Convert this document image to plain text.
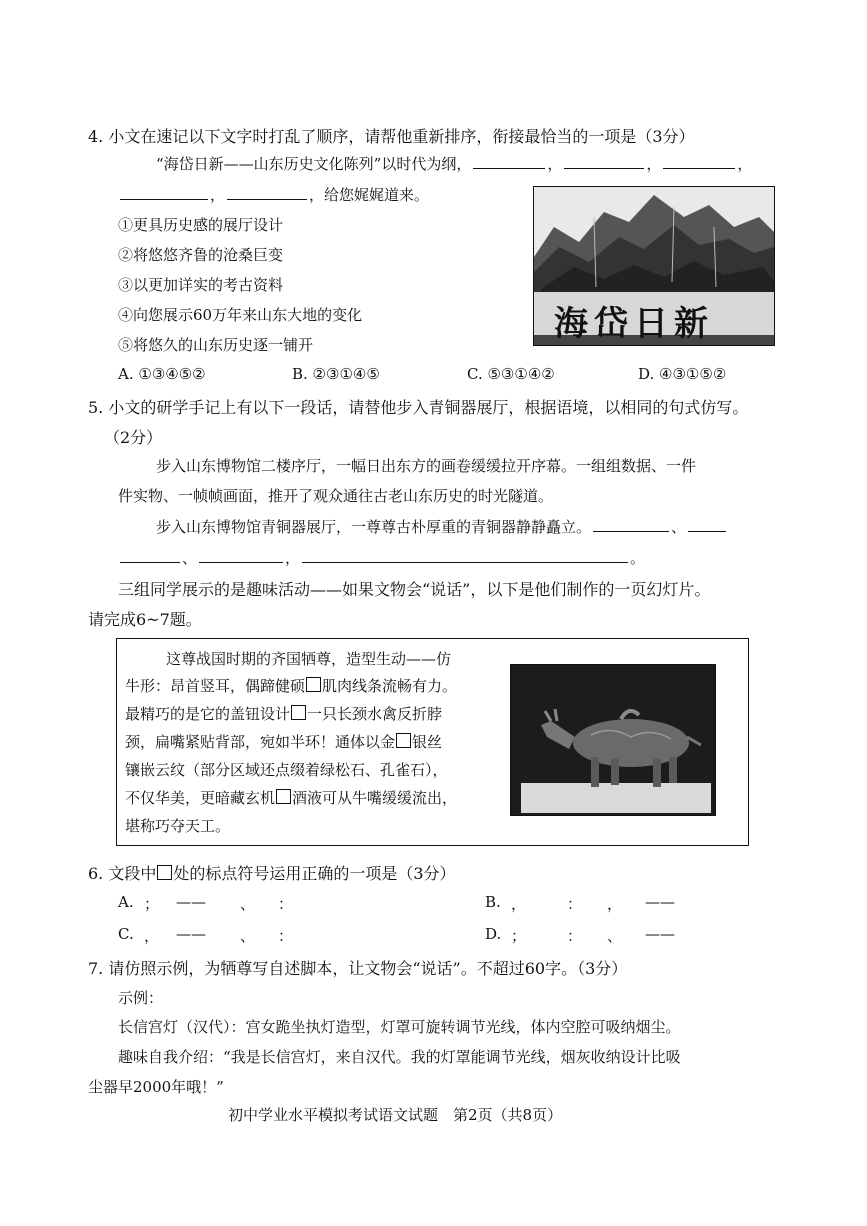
4. 小文在速记以下文字时打乱了顺序，请帮他重新排序，衔接最恰当的一项是（3分）
“海岱日新——山东历史文化陈列”以时代为纲，	，	，	，
，	，给您娓娓道来。
①更具历史感的展厅设计
②将悠悠齐鲁的沧桑巨变
③以更加详实的考古资料
④向您展示60万年来山东大地的变化
⑤将悠久的山东历史逐一铺开
海岱日新
A. ①③④⑤②	B. ②③①④⑤	C. ⑤③①④②	D. ④③①⑤②
5. 小文的研学手记上有以下一段话，请替他步入青铜器展厅，根据语境，以相同的句式仿写。
（2分）
步入山东博物馆二楼序厅，一幅日出东方的画卷缓缓拉开序幕。一组组数据、一件
件实物、一帧帧画面，推开了观众通往古老山东历史的时光隧道。
步入山东博物馆青铜器展厅，一尊尊古朴厚重的青铜器静静矗立。	、
、	，	。
三组同学展示的是趣味活动——如果文物会“说话”，以下是他们制作的一页幻灯片。
请完成6~7题。
这尊战国时期的齐国牺尊，造型生动——仿
牛形：昂首竖耳，偶蹄健硕 肌肉线条流畅有力。
最精巧的是它的盖钮设计 一只长颈水禽反折脖
颈，扁嘴紧贴背部，宛如半环！通体以金 银丝
镶嵌云纹（部分区域还点缀着绿松石、孔雀石），
不仅华美，更暗藏玄机 酒液可从牛嘴缓缓流出，
堪称巧夺天工。
6. 文段中 处的标点符号运用正确的一项是（3分）
A. ； —— 、 ：	B. ，	： ， ——
C. ， —— 、 ：	D. ；	： 、 ——
7. 请仿照示例，为牺尊写自述脚本，让文物会“说话”。不超过60字。（3分）
示例：
长信宫灯（汉代）：宫女跪坐执灯造型，灯罩可旋转调节光线，体内空腔可吸纳烟尘。
趣味自我介绍：“我是长信宫灯，来自汉代。我的灯罩能调节光线，烟灰收纳设计比吸
尘器早2000年哦！”
初中学业水平模拟考试语文试题　第2页（共8页）
